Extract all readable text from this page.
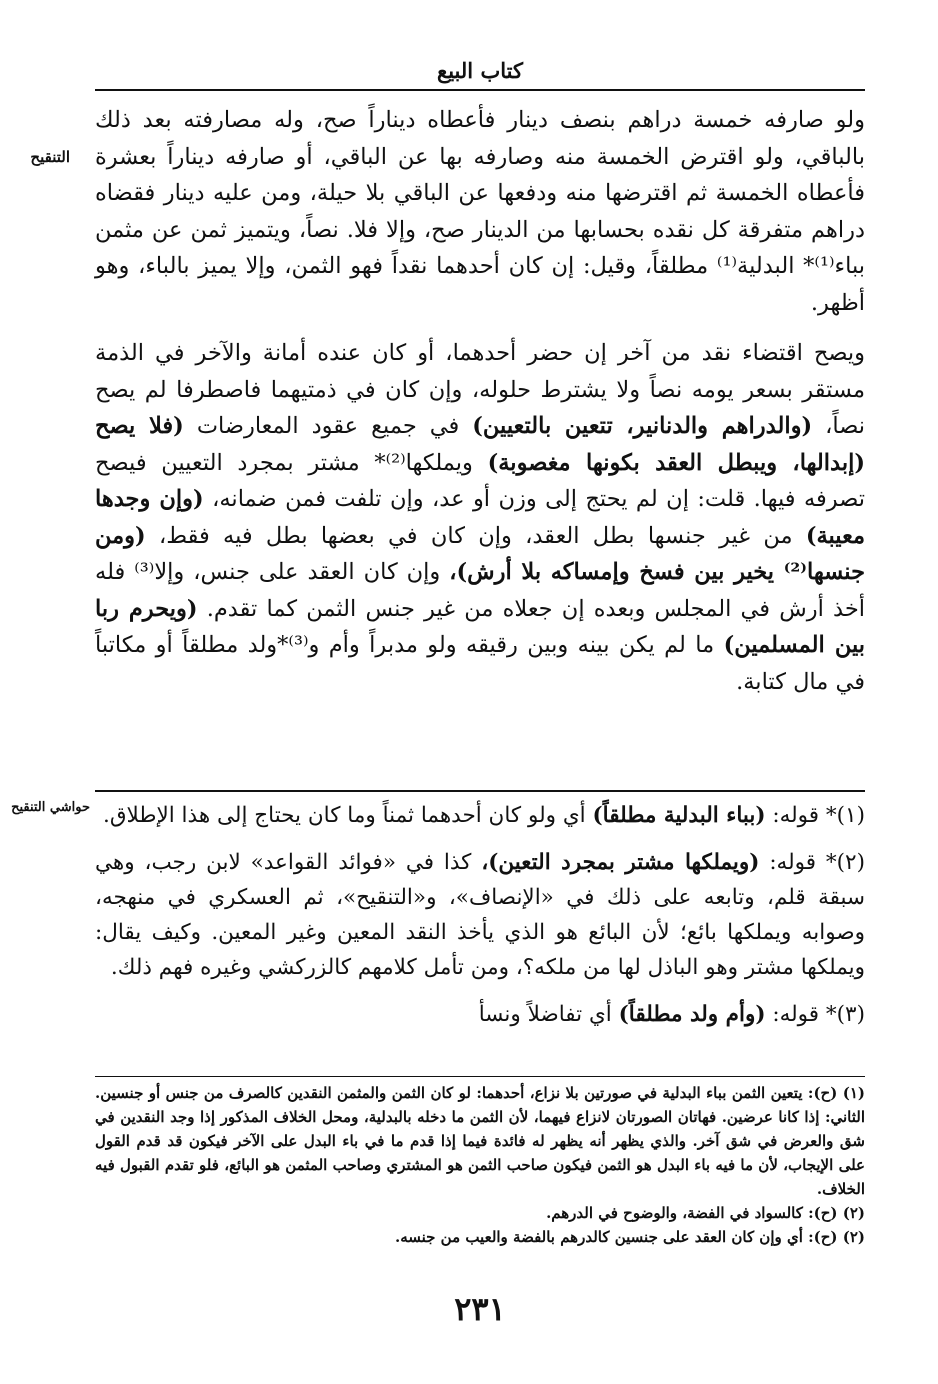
كتاب البيع
التنقيح

ولو صارفه خمسة دراهم بنصف دينار فأعطاه ديناراً صح، وله مصارفته بعد ذلك بالباقي، ولو اقترض الخمسة منه وصارفه بها عن الباقي، أو صارفه ديناراً بعشرة فأعطاه الخمسة ثم اقترضها منه ودفعها عن الباقي بلا حيلة، ومن عليه دينار فقضاه دراهم متفرقة كل نقده بحسابها من الدينار صح، وإلا فلا. نصاً، ويتميز ثمن عن مثمن بباء⁽¹⁾* البدلية⁽¹⁾ مطلقاً، وقيل: إن كان أحدهما نقداً فهو الثمن، وإلا يميز بالباء، وهو أظهر.

ويصح اقتضاء نقد من آخر إن حضر أحدهما، أو كان عنده أمانة والآخر في الذمة مستقر بسعر يومه نصاً ولا يشترط حلوله، وإن كان في ذمتيهما فاصطرفا لم يصح نصاً، (والدراهم والدنانير، تتعين بالتعيين) في جميع عقود المعارضات (فلا يصح (إبدالها، ويبطل العقد بكونها مغصوبة) ويملكها⁽²⁾* مشتر بمجرد التعيين فيصح تصرفه فيها. قلت: إن لم يحتج إلى وزن أو عد، وإن تلفت فمن ضمانه، (وإن وجدها معيبة) من غير جنسها بطل العقد، وإن كان في بعضها بطل فيه فقط، (ومن جنسها⁽²⁾ يخير بين فسخ وإمساكه بلا أرش)، وإن كان العقد على جنس، وإلا⁽³⁾ فله أخذ أرش في المجلس وبعده إن جعلاه من غير جنس الثمن كما تقدم. (ويحرم ربا بين المسلمين) ما لم يكن بينه وبين رقيقه ولو مدبراً وأم و⁽³⁾*ولد مطلقاً أو مكاتباً في مال كتابة.

حواشي التنقيح	(١)* قوله: (بباء البدلية مطلقاً) أي ولو كان أحدهما ثمناً وما كان يحتاج إلى هذا الإطلاق.

(٢)* قوله: (ويملكها مشتر بمجرد التعين)، كذا في «فوائد القواعد» لابن رجب، وهي سبقة قلم، وتابعه على ذلك في «الإنصاف»، و«التنقيح»، ثم العسكري في منهجه، وصوابه ويملكها بائع؛ لأن البائع هو الذي يأخذ النقد المعين وغير المعين. وكيف يقال: ويملكها مشتر وهو الباذل لها من ملكه؟، ومن تأمل كلامهم كالزركشي وغيره فهم ذلك.

(٣)* قوله: (وأم ولد مطلقاً) أي تفاضلاً ونسأ

(١) (ح): يتعين الثمن بباء البدلية في صورتين بلا نزاع، أحدهما: لو كان الثمن والمثمن النقدين كالصرف من جنس أو جنسين. الثاني: إذا كانا عرضين. فهاتان الصورتان لانزاع فيهما، لأن الثمن ما دخله بالبدلية، ومحل الخلاف المذكور إذا وجد النقدين في شق والعرض في شق آخر. والذي يظهر أنه يظهر له فائدة فيما إذا قدم ما في باء البدل على الآخر فيكون قد قدم القول على الإيجاب، لأن ما فيه باء البدل هو الثمن فيكون صاحب الثمن هو المشتري وصاحب المثمن هو البائع، فلو تقدم القبول فيه الخلاف.

(٢) (ح): كالسواد في الفضة، والوضوح في الدرهم.

(٢) (ح): أي وإن كان العقد على جنسين كالدرهم بالفضة والعيب من جنسه.

٢٣١
